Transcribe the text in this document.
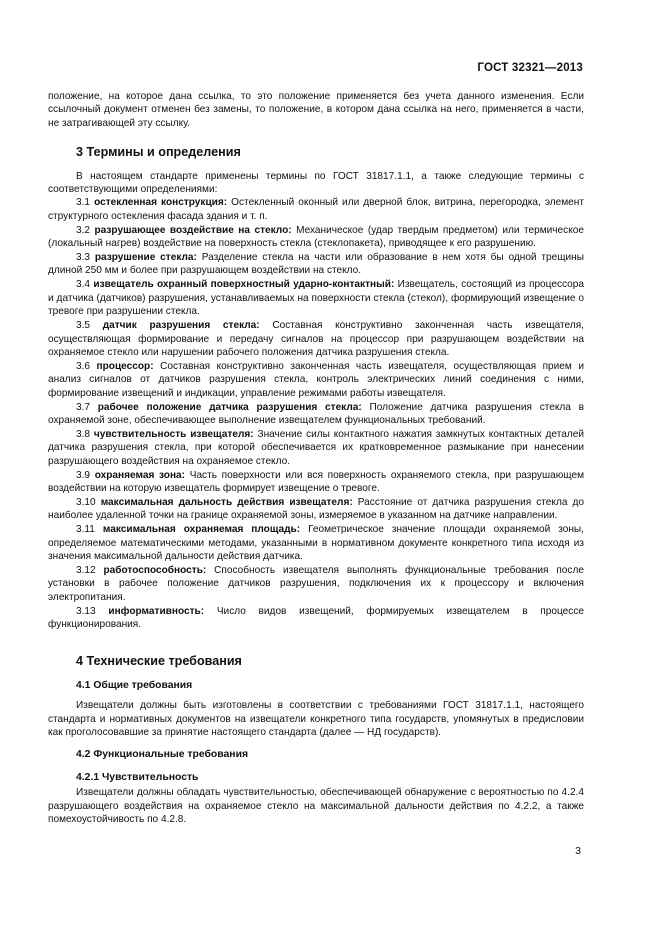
ГОСТ 32321—2013

положение, на которое дана ссылка, то это положение применяется без учета данного изменения. Если ссылочный документ отменен без замены, то положение, в котором дана ссылка на него, применяется в части, не затрагивающей эту ссылку.

3 Термины и определения

В настоящем стандарте применены термины по ГОСТ 31817.1.1, а также следующие термины с соответствующими определениями:

3.1 остекленная конструкция: Остекленный оконный или дверной блок, витрина, перегородка, элемент структурного остекления фасада здания и т. п.

3.2 разрушающее воздействие на стекло: Механическое (удар твердым предметом) или термическое (локальный нагрев) воздействие на поверхность стекла (стеклопакета), приводящее к его разрушению.

3.3 разрушение стекла: Разделение стекла на части или образование в нем хотя бы одной трещины длиной 250 мм и более при разрушающем воздействии на стекло.

3.4 извещатель охранный поверхностный ударно-контактный: Извещатель, состоящий из процессора и датчика (датчиков) разрушения, устанавливаемых на поверхности стекла (стекол), формирующий извещение о тревоге при разрушении стекла.

3.5 датчик разрушения стекла: Составная конструктивно законченная часть извещателя, осуществляющая формирование и передачу сигналов на процессор при разрушающем воздействии на охраняемое стекло или нарушении рабочего положения датчика разрушения стекла.

3.6 процессор: Составная конструктивно законченная часть извещателя, осуществляющая прием и анализ сигналов от датчиков разрушения стекла, контроль электрических линий соединения с ними, формирование извещений и индикации, управление режимами работы извещателя.

3.7 рабочее положение датчика разрушения стекла: Положение датчика разрушения стекла в охраняемой зоне, обеспечивающее выполнение извещателем функциональных требований.

3.8 чувствительность извещателя: Значение силы контактного нажатия замкнутых контактных деталей датчика разрушения стекла, при которой обеспечивается их кратковременное размыкание при нанесении разрушающего воздействия на охраняемое стекло.

3.9 охраняемая зона: Часть поверхности или вся поверхность охраняемого стекла, при разрушающем воздействии на которую извещатель формирует извещение о тревоге.

3.10 максимальная дальность действия извещателя: Расстояние от датчика разрушения стекла до наиболее удаленной точки на границе охраняемой зоны, измеряемое в указанном на датчике направлении.

3.11 максимальная охраняемая площадь: Геометрическое значение площади охраняемой зоны, определяемое математическими методами, указанными в нормативном документе конкретного типа исходя из значения максимальной дальности действия датчика.

3.12 работоспособность: Способность извещателя выполнять функциональные требования после установки в рабочее положение датчиков разрушения, подключения их к процессору и включения электропитания.

3.13 информативность: Число видов извещений, формируемых извещателем в процессе функционирования.

4 Технические требования
4.1 Общие требования

Извещатели должны быть изготовлены в соответствии с требованиями ГОСТ 31817.1.1, настоящего стандарта и нормативных документов на извещатели конкретного типа государств, упомянутых в предисловии как проголосовавшие за принятие настоящего стандарта (далее — НД государств).

4.2 Функциональные требования
4.2.1 Чувствительность

Извещатели должны обладать чувствительностью, обеспечивающей обнаружение с вероятностью по 4.2.4 разрушающего воздействия на охраняемое стекло на максимальной дальности действия по 4.2.2, а также помехоустойчивость по 4.2.8.

3
